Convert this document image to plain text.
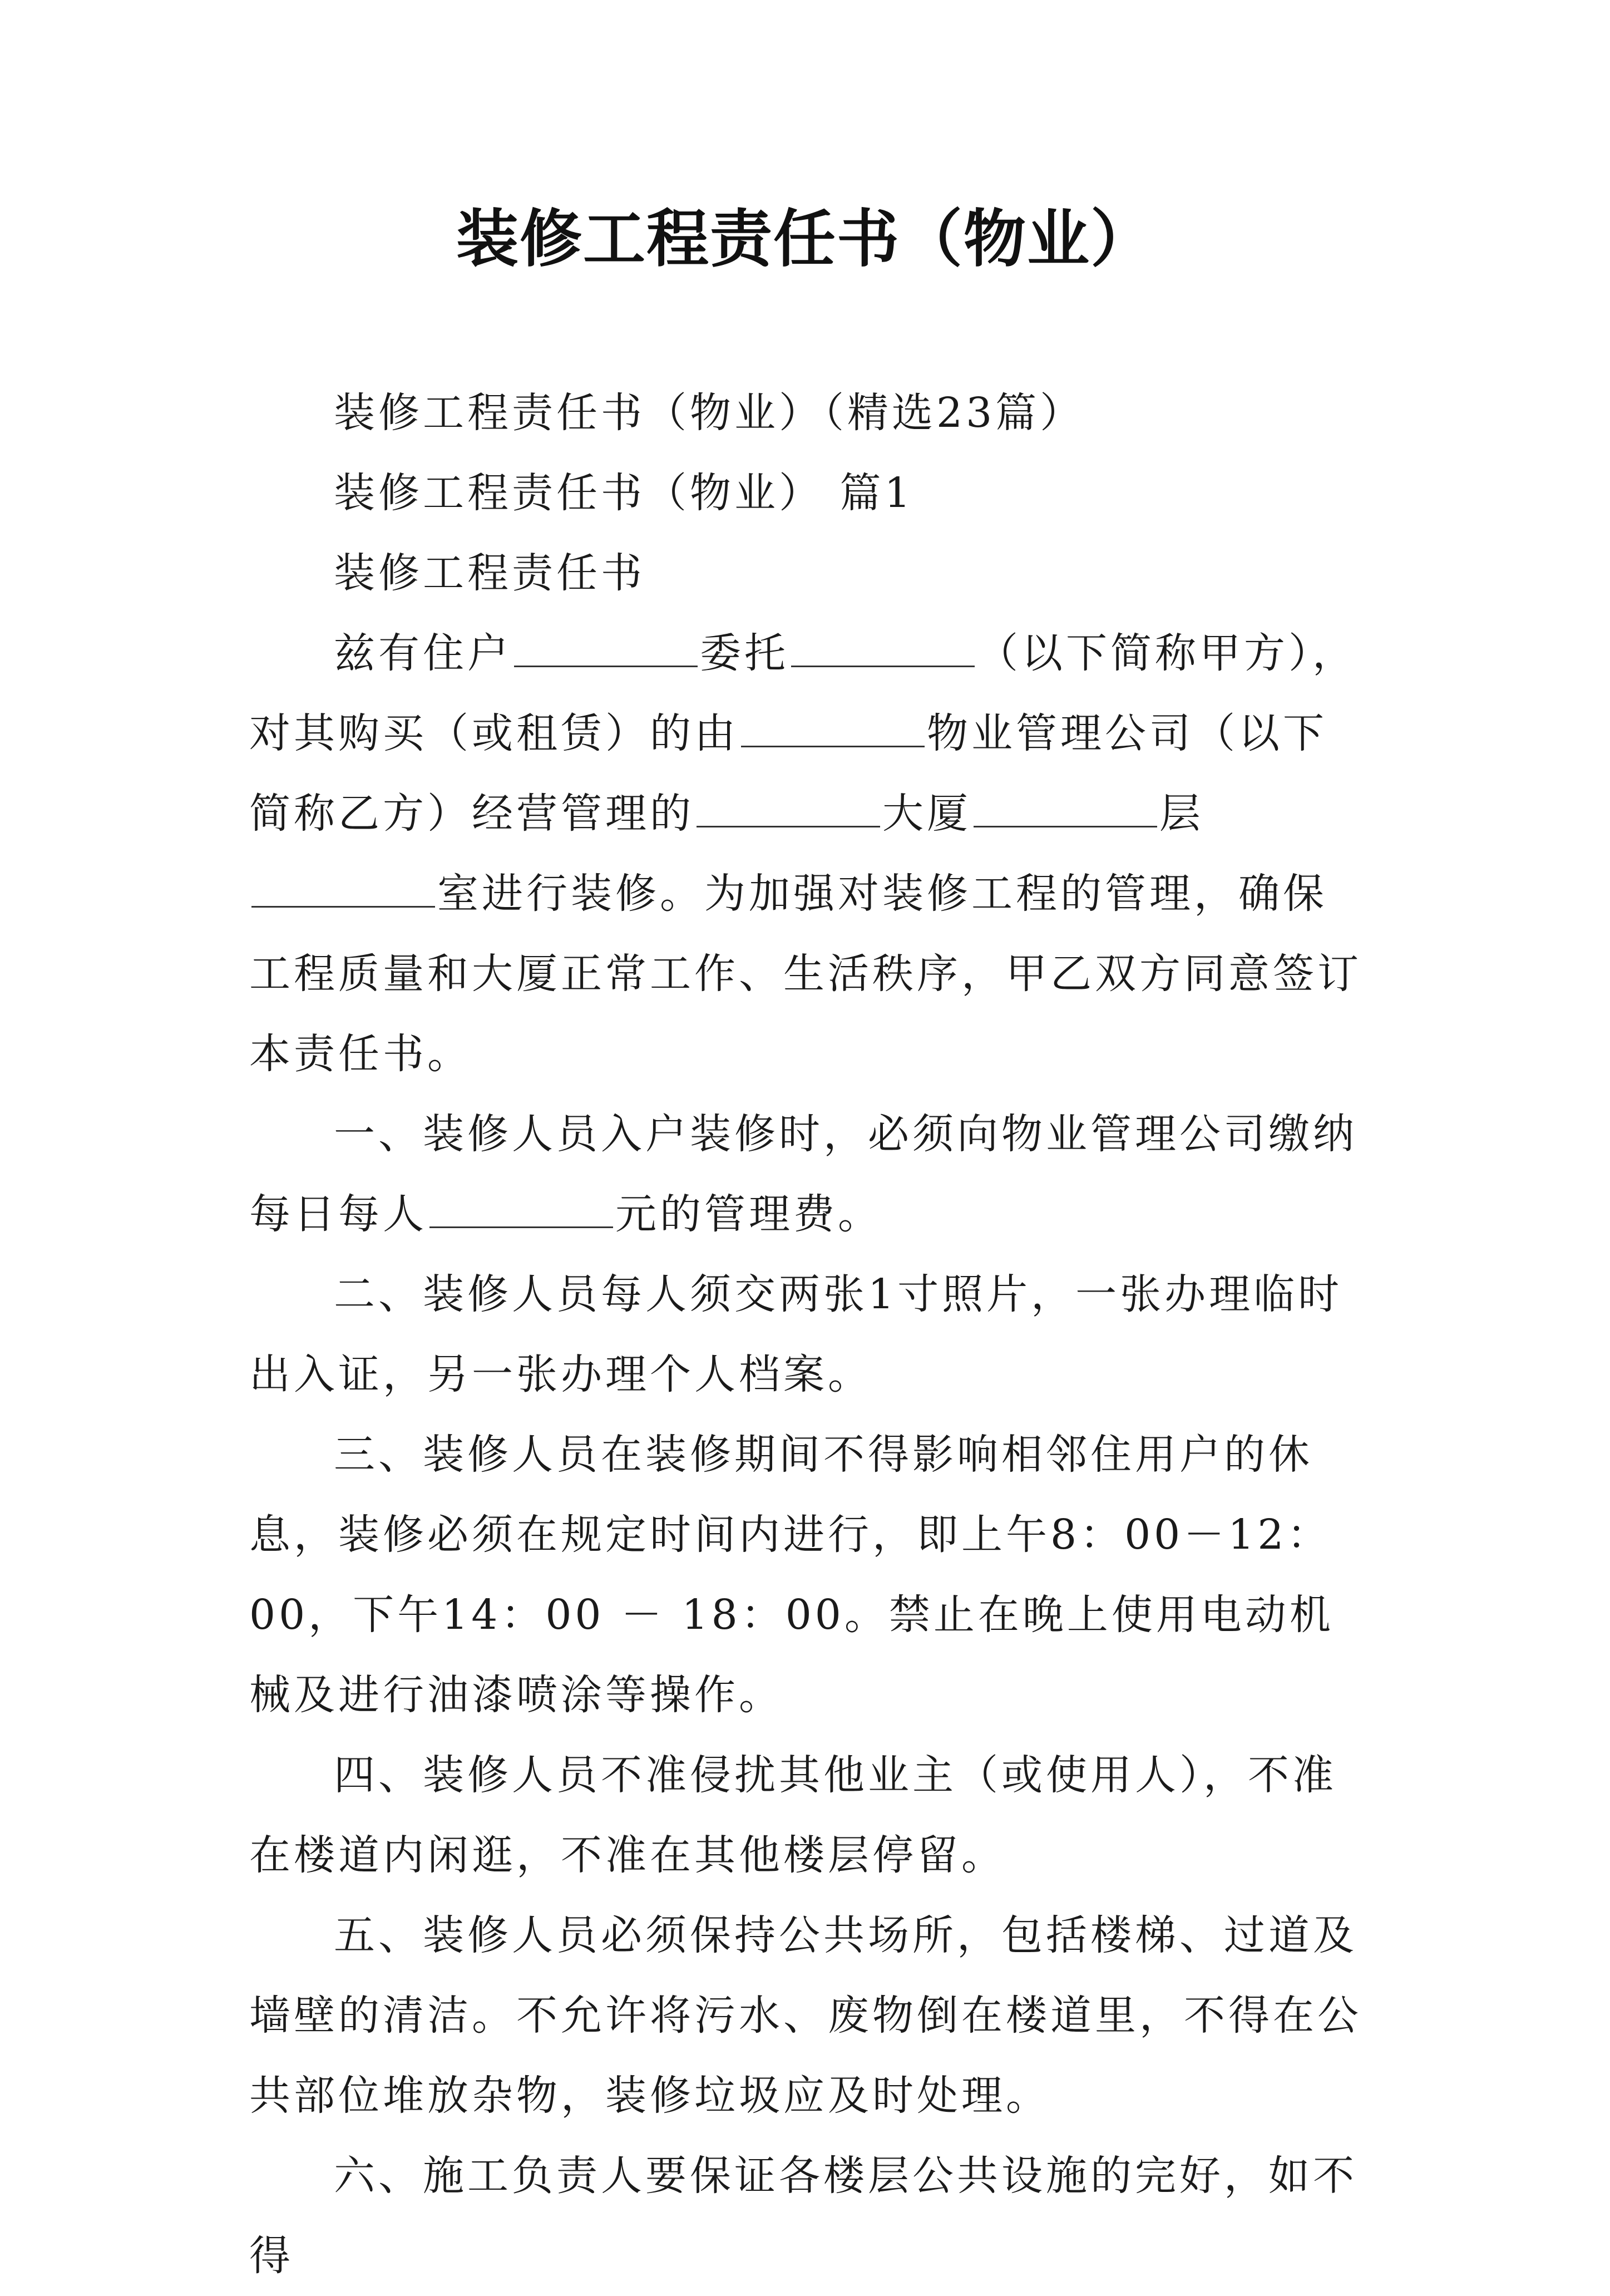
装修工程责任书（物业）

装修工程责任书（物业）（精选23篇）

装修工程责任书（物业） 篇1

装修工程责任书

兹有住户	委托	（以下简称甲方），对其购买（或租赁）的由	物业管理公司（以下简称乙方）经营管理的	大厦	层室进行装修。为加强对装修工程的管理，确保工程质量和大厦正常工作、生活秩序，甲乙双方同意签订本责任书。

一、装修人员入户装修时，必须向物业管理公司缴纳每日每人	元的管理费。

二、装修人员每人须交两张1寸照片，一张办理临时出入证，另一张办理个人档案。

三、装修人员在装修期间不得影响相邻住用户的休息，装修必须在规定时间内进行，即上午8：00－12：00，下午14：00 － 18：00。禁止在晚上使用电动机械及进行油漆喷涂等操作。

四、装修人员不准侵扰其他业主（或使用人），不准在楼道内闲逛，不准在其他楼层停留。

五、装修人员必须保持公共场所，包括楼梯、过道及墙壁的清洁。不允许将污水、废物倒在楼道里，不得在公共部位堆放杂物，装修垃圾应及时处理。

六、施工负责人要保证各楼层公共设施的完好，如不得
